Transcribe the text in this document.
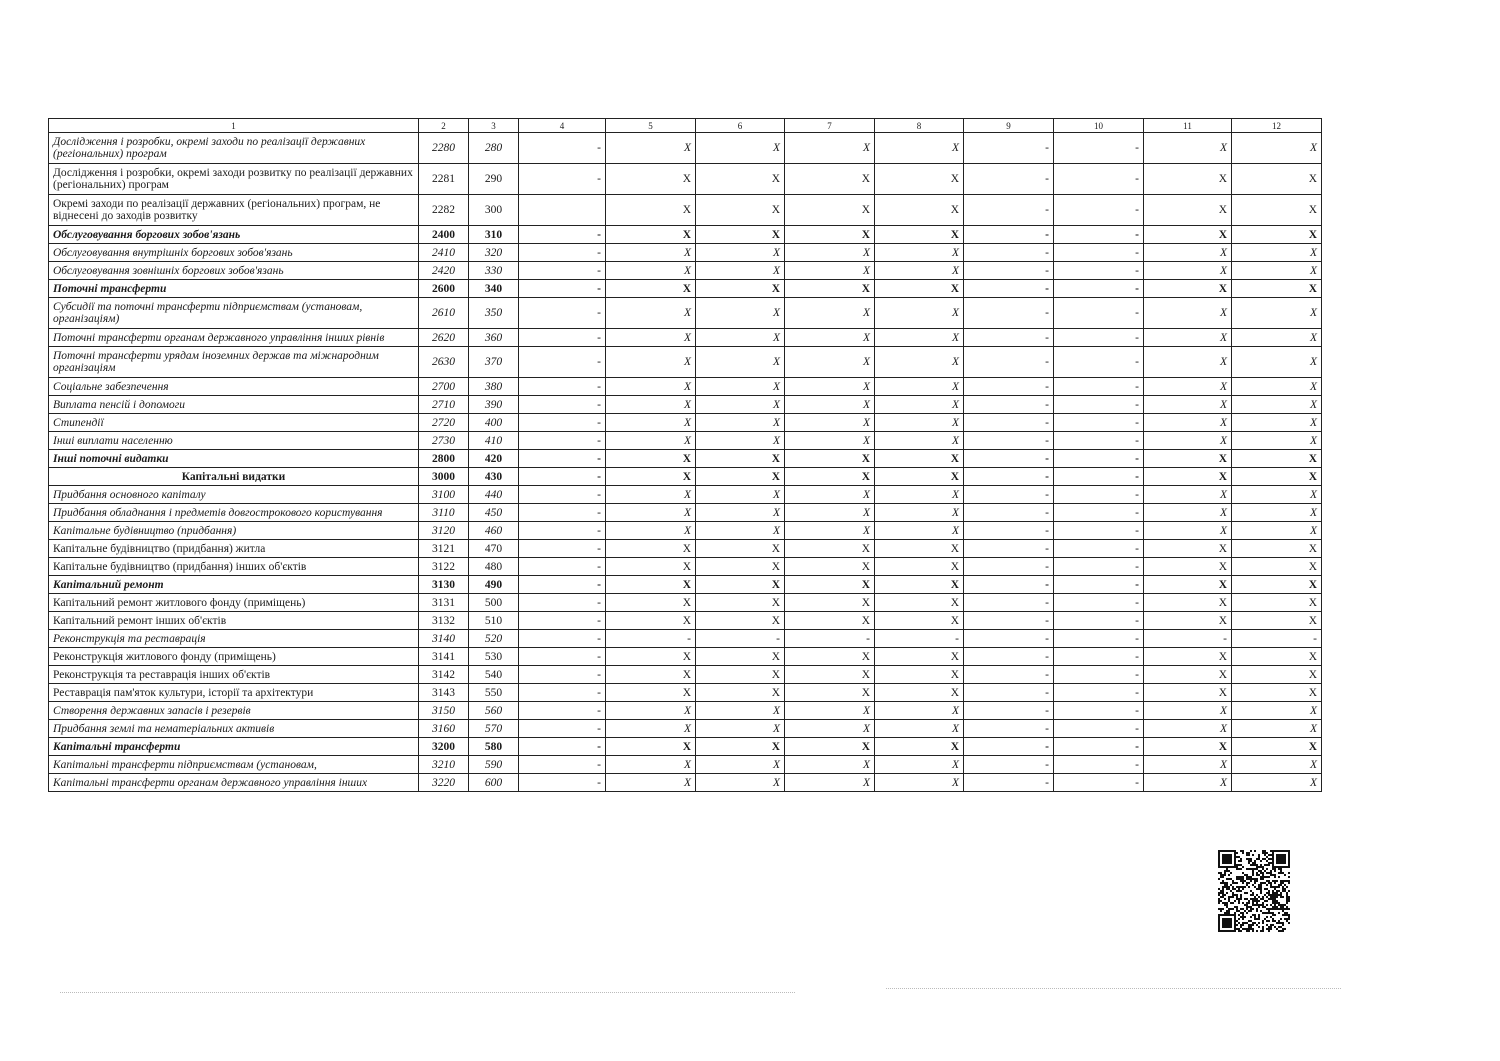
1	2	3	4	5	6	7	8	9	10	11	12
Дослідження і розробки, окремі заходи по реалізації державних (регіональних) програм	2280	280	-	X	X	X	X	-	-	X	X
Дослідження і розробки, окремі заходи розвитку по реалізації державних (регіональних) програм	2281	290	-	X	X	X	X	-	-	X	X
Окремі заходи по реалізації державних (регіональних) програм, не віднесені до заходів розвитку	2282	300		X	X	X	X	-	-	X	X
Обслуговування боргових зобов'язань	2400	310	-	X	X	X	X	-	-	X	X
Обслуговування внутрішніх боргових зобов'язань	2410	320	-	X	X	X	X	-	-	X	X
Обслуговування зовнішніх боргових зобов'язань	2420	330	-	X	X	X	X	-	-	X	X
Поточні трансферти	2600	340	-	X	X	X	X	-	-	X	X
Субсидії та поточні трансферти підприємствам (установам, організаціям)	2610	350	-	X	X	X	X	-	-	X	X
Поточні трансферти органам державного управління інших рівнів	2620	360	-	X	X	X	X	-	-	X	X
Поточні трансферти урядам іноземних держав та міжнародним організаціям	2630	370	-	X	X	X	X	-	-	X	X
Соціальне забезпечення	2700	380	-	X	X	X	X	-	-	X	X
Виплата пенсій і допомоги	2710	390	-	X	X	X	X	-	-	X	X
Стипендії	2720	400	-	X	X	X	X	-	-	X	X
Інші виплати населенню	2730	410	-	X	X	X	X	-	-	X	X
Інші поточні видатки	2800	420	-	X	X	X	X	-	-	X	X
Капітальні видатки	3000	430	-	X	X	X	X	-	-	X	X
Придбання основного капіталу	3100	440	-	X	X	X	X	-	-	X	X
Придбання обладнання і предметів довгострокового користування	3110	450	-	X	X	X	X	-	-	X	X
Капітальне будівництво (придбання)	3120	460	-	X	X	X	X	-	-	X	X
Капітальне будівництво (придбання) житла	3121	470	-	X	X	X	X	-	-	X	X
Капітальне будівництво (придбання) інших об'єктів	3122	480	-	X	X	X	X	-	-	X	X
Капітальний ремонт	3130	490	-	X	X	X	X	-	-	X	X
Капітальний ремонт житлового фонду (приміщень)	3131	500	-	X	X	X	X	-	-	X	X
Капітальний ремонт інших об'єктів	3132	510	-	X	X	X	X	-	-	X	X
Реконструкція та реставрація	3140	520	-	-	-	-	-	-	-	-	-
Реконструкція житлового фонду (приміщень)	3141	530	-	X	X	X	X	-	-	X	X
Реконструкція та реставрація інших об'єктів	3142	540	-	X	X	X	X	-	-	X	X
Реставрація пам'яток культури, історії та архітектури	3143	550	-	X	X	X	X	-	-	X	X
Створення державних запасів і резервів	3150	560	-	X	X	X	X	-	-	X	X
Придбання землі та нематеріальних активів	3160	570	-	X	X	X	X	-	-	X	X
Капітальні трансферти	3200	580	-	X	X	X	X	-	-	X	X
Капітальні трансферти підприємствам (установам,	3210	590	-	X	X	X	X	-	-	X	X
Капітальні трансферти органам державного управління інших	3220	600	-	X	X	X	X	-	-	X	X
